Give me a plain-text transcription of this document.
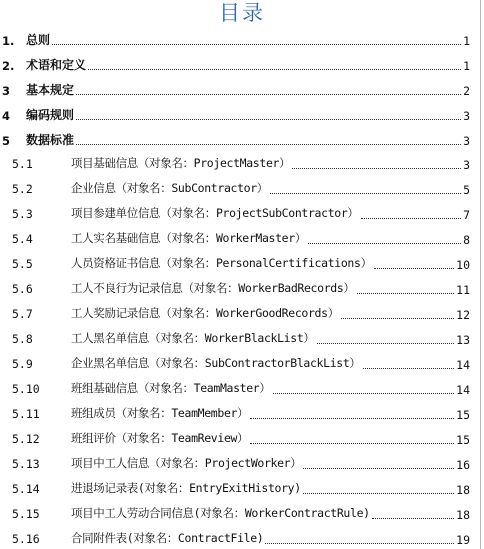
目录
1. 总则	1
2. 术语和定义	1
3 基本规定	2
4 编码规则	3
5 数据标准	3
5.1	项目基础信息（对象名：ProjectMaster）	3
5.2	企业信息（对象名：SubContractor）	5
5.3	项目参建单位信息（对象名：ProjectSubContractor）	7
5.4	工人实名基础信息（对象名：WorkerMaster）	8
5.5	人员资格证书信息（对象名：PersonalCertifications）	10
5.6	工人不良行为记录信息（对象名：WorkerBadRecords）	11
5.7	工人奖励记录信息（对象名：WorkerGoodRecords）	12
5.8	工人黑名单信息（对象名：WorkerBlackList）	13
5.9	企业黑名单信息（对象名：SubContractorBlackList）	14
5.10	班组基础信息（对象名：TeamMaster）	14
5.11	班组成员（对象名：TeamMember）	15
5.12	班组评价（对象名：TeamReview）	15
5.13	项目中工人信息（对象名：ProjectWorker）	16
5.14	进退场记录表(对象名：EntryExitHistory)	18
5.15	项目中工人劳动合同信息(对象名：WorkerContractRule)	18
5.16	合同附件表(对象名：ContractFile)	19
